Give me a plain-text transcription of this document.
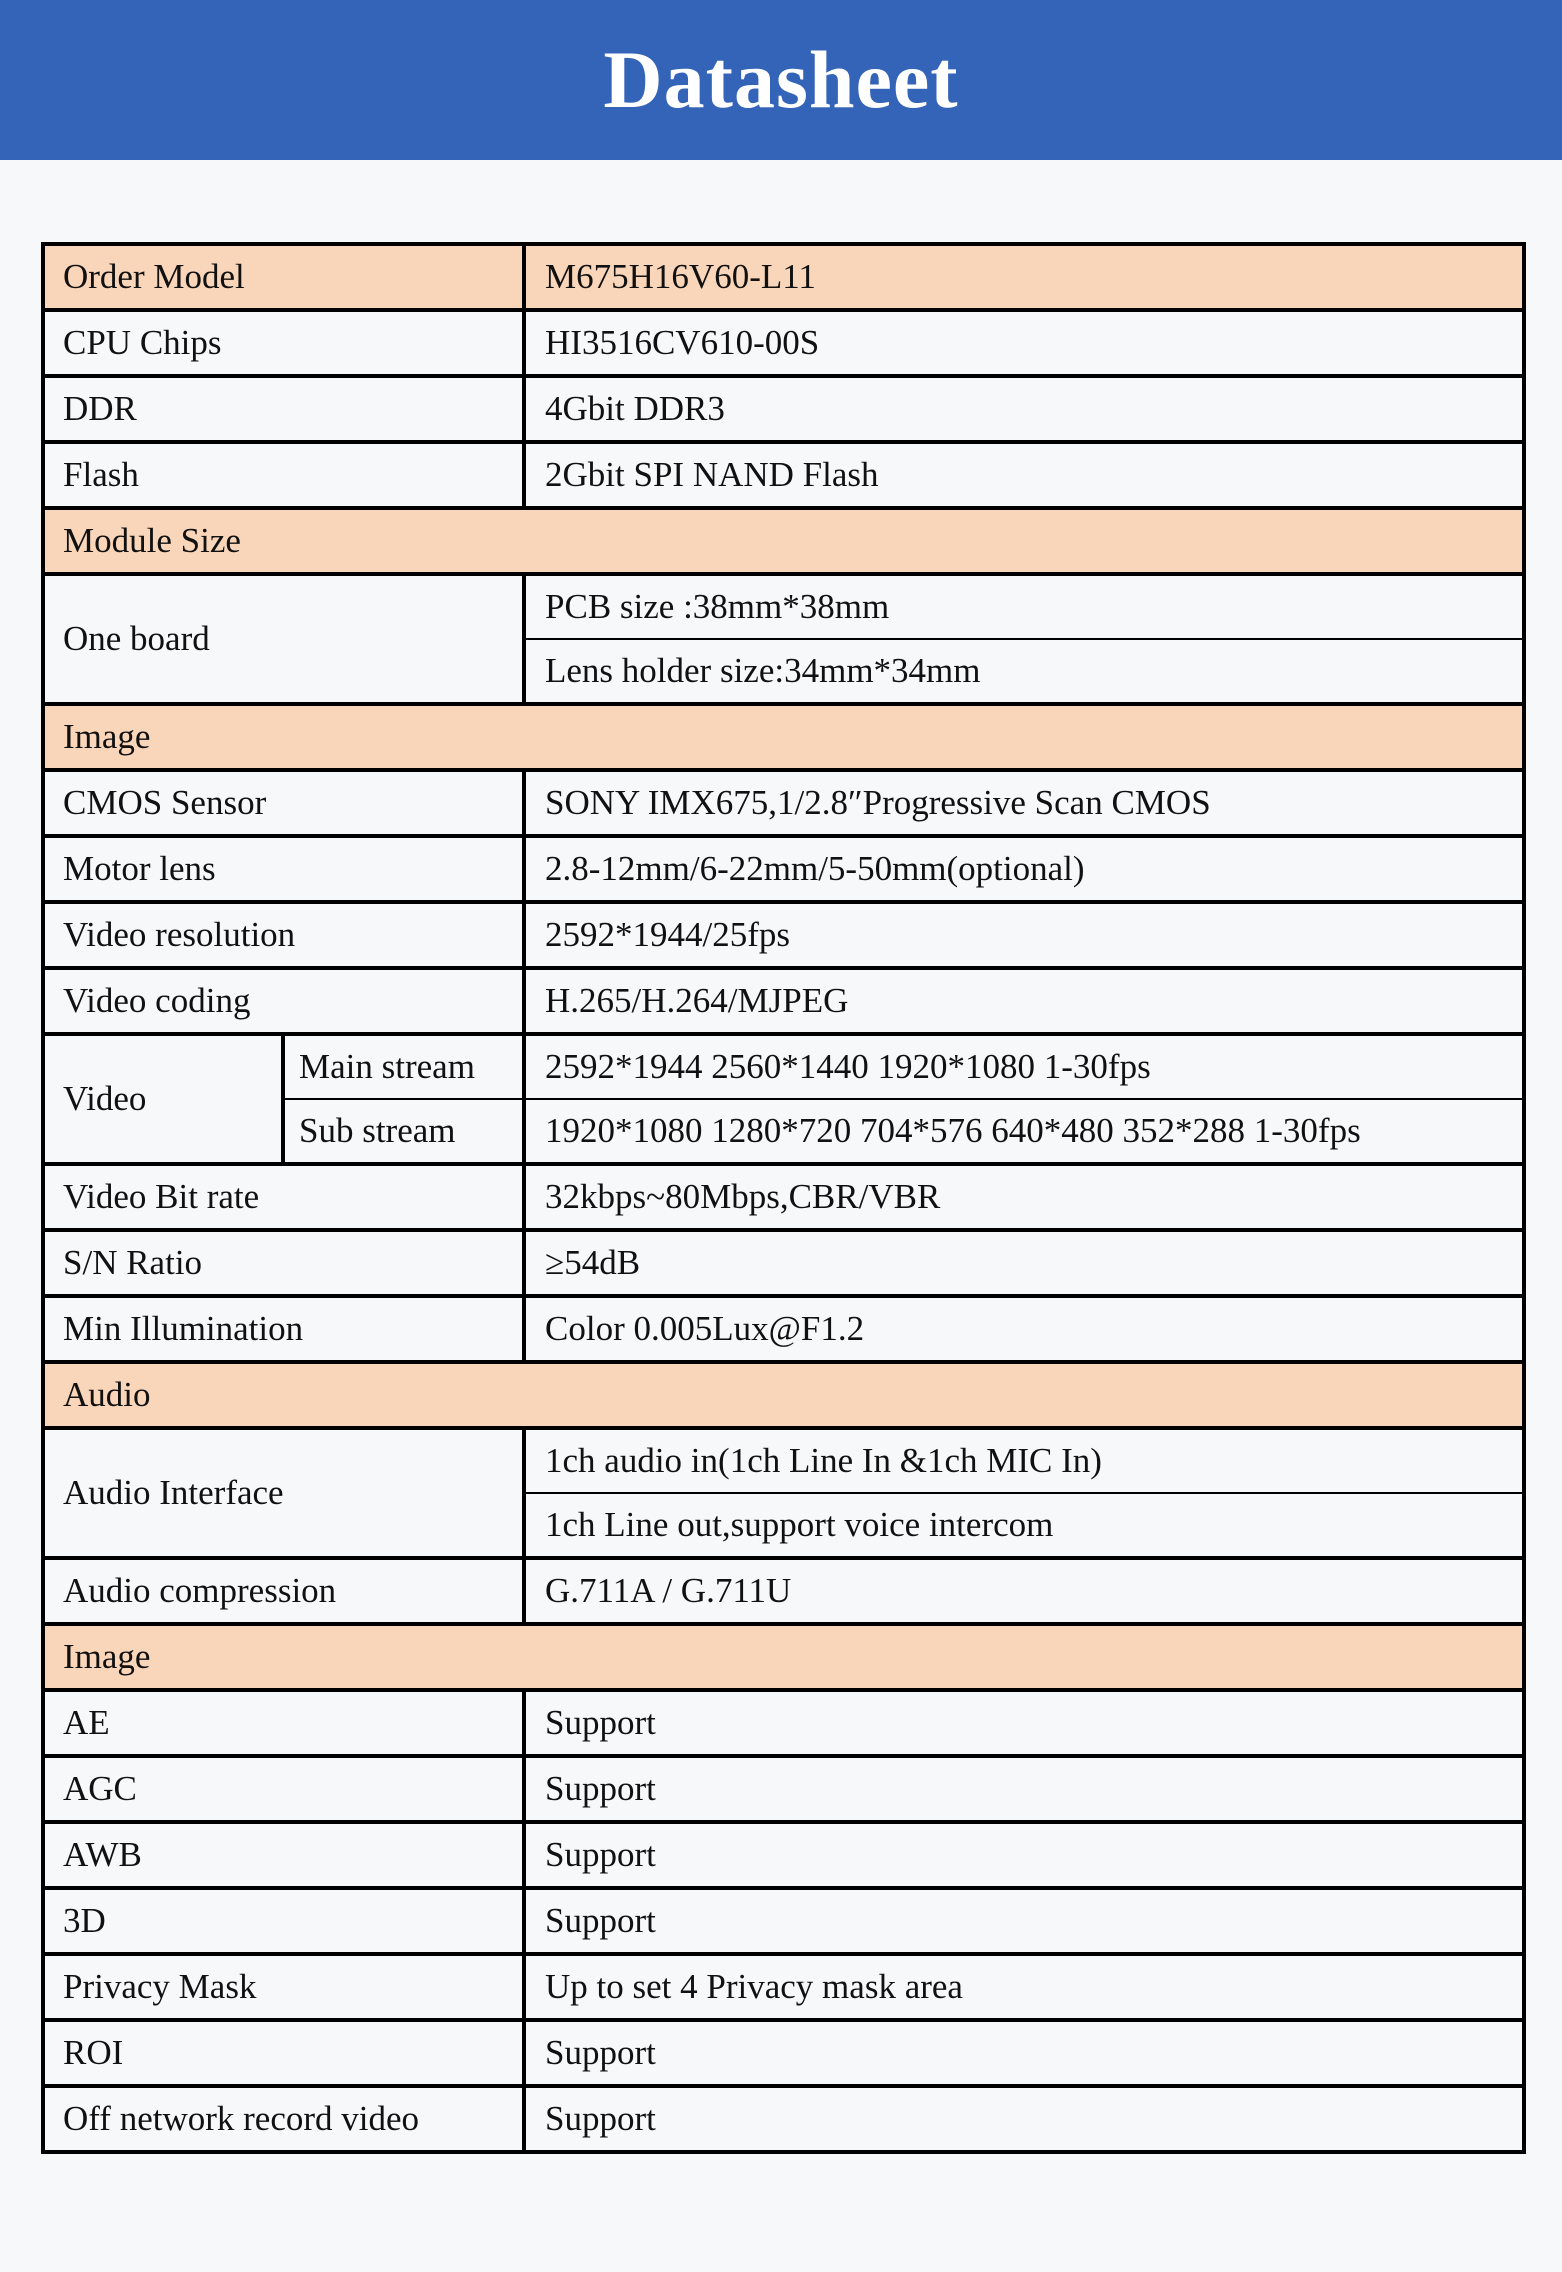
Datasheet
Order Model		M675H16V60-L11
CPU Chips		HI3516CV610-00S
DDR		4Gbit DDR3
Flash		2Gbit SPI NAND Flash
Module Size		
One board		PCB size :38mm*38mm
		Lens holder size:34mm*34mm
Image		
CMOS Sensor		SONY IMX675,1/2.8″Progressive Scan CMOS
Motor lens		2.8-12mm/6-22mm/5-50mm(optional)
Video resolution		2592*1944/25fps
Video coding		H.265/H.264/MJPEG
Video	Main stream	2592*1944 2560*1440 1920*1080 1-30fps
	Sub stream	1920*1080 1280*720 704*576 640*480 352*288 1-30fps
Video Bit rate		32kbps~80Mbps,CBR/VBR
S/N Ratio		≥54dB
Min Illumination		Color 0.005Lux@F1.2
Audio		
Audio Interface		1ch audio in(1ch Line In &1ch MIC In)
		1ch Line out,support voice intercom
Audio compression		G.711A / G.711U
Image		
AE		Support
AGC		Support
AWB		Support
3D		Support
Privacy Mask		Up to set 4 Privacy mask area
ROI		Support
Off network record video		Support
